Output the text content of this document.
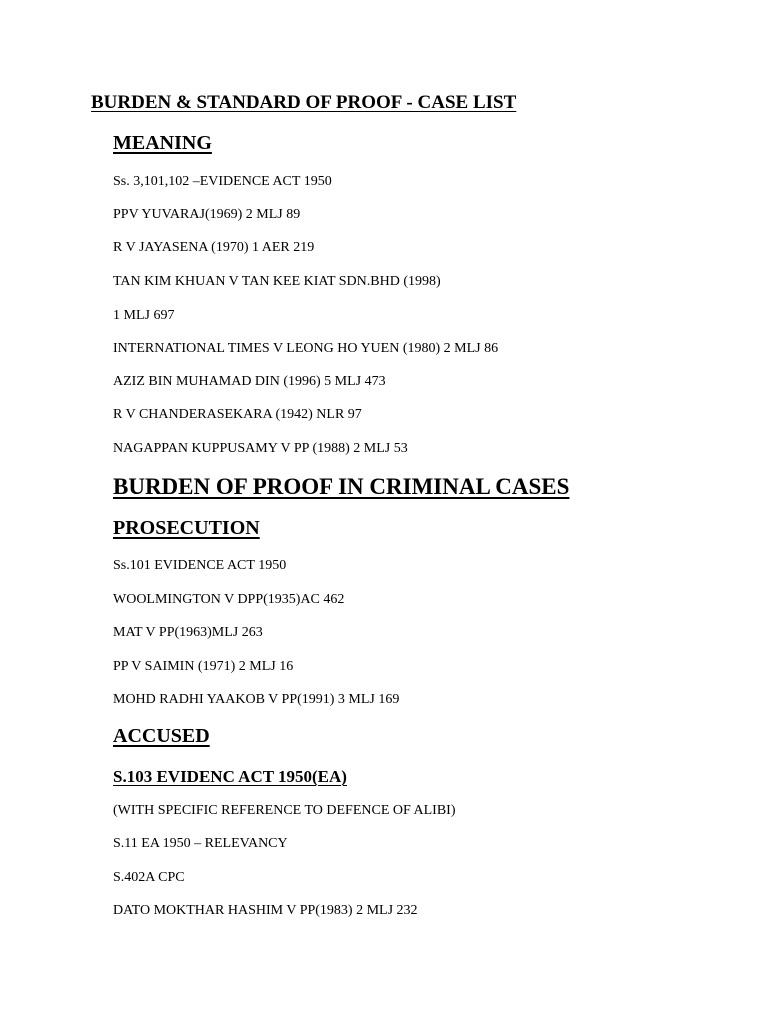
BURDEN & STANDARD OF PROOF - CASE LIST
MEANING
Ss. 3,101,102 –EVIDENCE ACT 1950
PPV YUVARAJ(1969) 2 MLJ 89
R V JAYASENA (1970) 1 AER 219
TAN KIM KHUAN V TAN KEE KIAT SDN.BHD (1998)
1 MLJ 697
INTERNATIONAL TIMES V LEONG HO YUEN (1980) 2 MLJ 86
AZIZ BIN MUHAMAD DIN (1996) 5 MLJ 473
R V CHANDERASEKARA (1942) NLR 97
NAGAPPAN KUPPUSAMY V PP (1988) 2 MLJ 53
BURDEN OF PROOF IN CRIMINAL CASES
PROSECUTION
Ss.101 EVIDENCE ACT 1950
WOOLMINGTON V DPP(1935)AC 462
MAT V PP(1963)MLJ 263
PP V SAIMIN (1971) 2 MLJ 16
MOHD RADHI YAAKOB V PP(1991) 3 MLJ 169
ACCUSED
S.103 EVIDENC ACT 1950(EA)
(WITH SPECIFIC REFERENCE TO DEFENCE OF ALIBI)
S.11 EA 1950 – RELEVANCY
S.402A CPC
DATO MOKTHAR HASHIM V PP(1983) 2 MLJ 232
